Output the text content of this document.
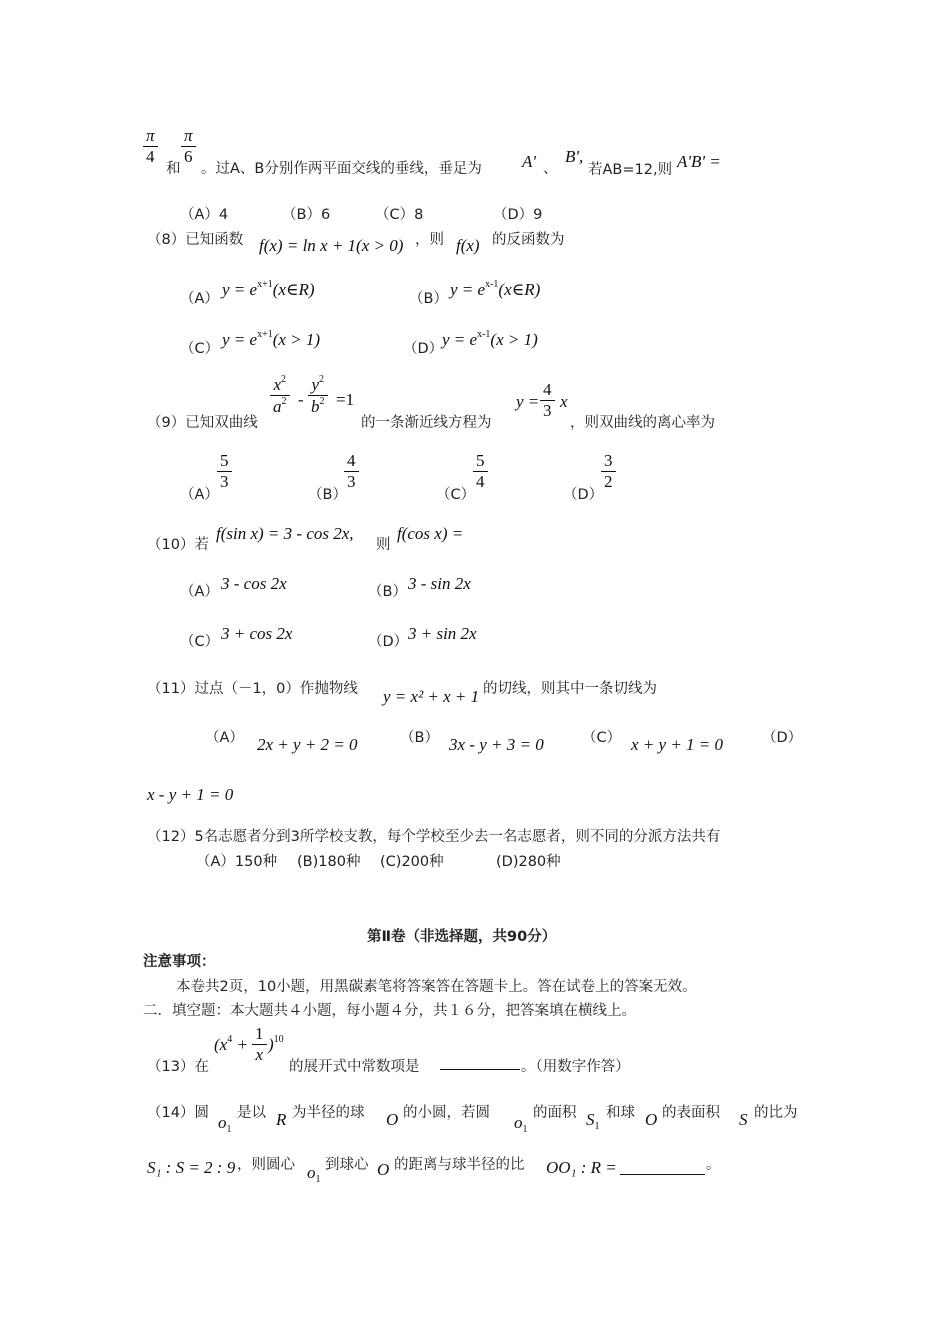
$\frac{\pi}{4}$
和
$\frac{\pi}{6}$
。过A、B分别作两平面交线的垂线，垂足为 A' 、
B',
若AB=12,则 A'B' =
（A）4	（B）6	（C）8	（D）9
（8）已知函数 f(x) = ln x + 1(x > 0) ，则 f(x) 的反函数为
（A） $y = e^{x+1}(x\in R)$	（B） $y = e^{x-1}(x\in R)$
（C） $y = e^{x+1}(x > 1)$	（D）
$y = e^{x-1}(x > 1)$
（9）已知双曲线
$\frac{x^2}{a^2} - \frac{y^2}{b^2} =1$
的一条渐近线方程为
$y = \frac{4}{3}$ x
，则双曲线的离心率为
（A）
$\frac{5}{3}$
（B）
$\frac{4}{3}$
（C）
$\frac{5}{4}$
（D）
$\frac{3}{2}$
（10）若
f(sin x) = 3 - cos 2x,
则
f(cos x) =
（A） 3 - cos 2x	（B） 3 - sin 2x
（C） 3 + cos 2x	（D） 3 + sin 2x
（11）过点（－1，0）作抛物线 y = x² + x + 1 的切线，则其中一条切线为
（A） 2x + y + 2 = 0	（B） 3x - y + 3 = 0	（C） x + y + 1 = 0	（D）
x - y + 1 = 0
（12）5名志愿者分到3所学校支教，每个学校至少去一名志愿者，则不同的分派方法共有
（A）150种 (B)180种 (C)200种	(D)280种
第Ⅱ卷（非选择题，共90分）
注意事项：
本卷共2页，10小题，用黑碳素笔将答案答在答题卡上。答在试卷上的答案无效。
二．填空题：本大题共４小题，每小题４分，共１６分，把答案填在横线上。
（13）在
$(x^4 + \frac{1}{x} )^{10}$
的展开式中常数项是	。（用数字作答）
（14）圆 $o_1$
是以 R 为半径的球 O 的小圆，若圆 $o_1$
的面积 $S_1$
和球 O 的表面积 S 的比为
S₁ : S = 2 : 9 ，则圆心 $o_1$
到球心 O 的距离与球半径的比 OO₁ : R =	。
